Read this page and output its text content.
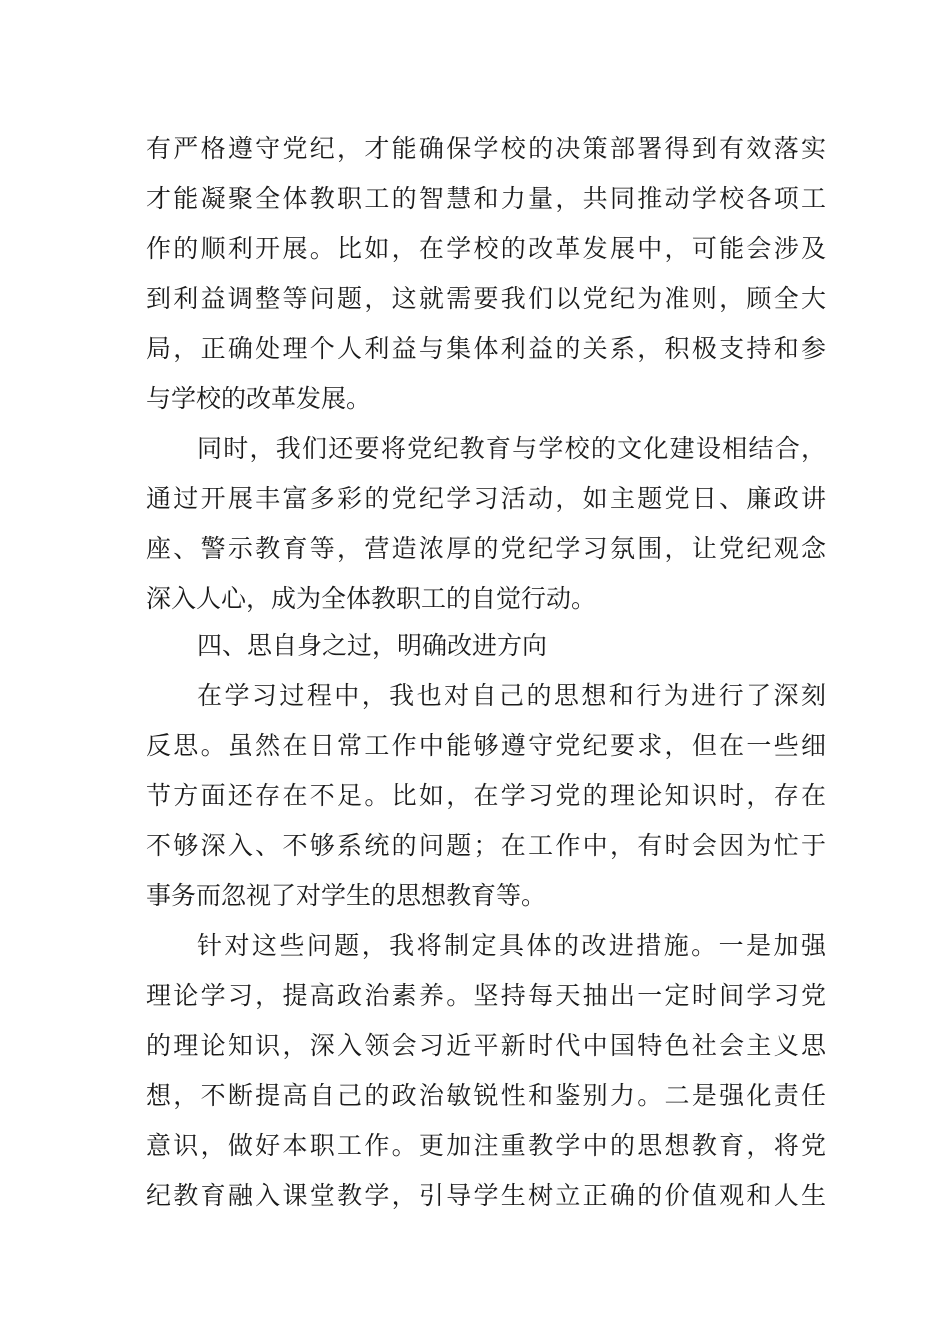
有严格遵守党纪，才能确保学校的决策部署得到有效落实
才能凝聚全体教职工的智慧和力量，共同推动学校各项工
作的顺利开展。比如，在学校的改革发展中，可能会涉及
到利益调整等问题，这就需要我们以党纪为准则，顾全大
局，正确处理个人利益与集体利益的关系，积极支持和参
与学校的改革发展。
同时，我们还要将党纪教育与学校的文化建设相结合，
通过开展丰富多彩的党纪学习活动，如主题党日、廉政讲
座、警示教育等，营造浓厚的党纪学习氛围，让党纪观念
深入人心，成为全体教职工的自觉行动。
四、思自身之过，明确改进方向
在学习过程中，我也对自己的思想和行为进行了深刻
反思。虽然在日常工作中能够遵守党纪要求，但在一些细
节方面还存在不足。比如，在学习党的理论知识时，存在
不够深入、不够系统的问题；在工作中，有时会因为忙于
事务而忽视了对学生的思想教育等。
针对这些问题，我将制定具体的改进措施。一是加强
理论学习，提高政治素养。坚持每天抽出一定时间学习党
的理论知识，深入领会习近平新时代中国特色社会主义思
想，不断提高自己的政治敏锐性和鉴别力。二是强化责任
意识，做好本职工作。更加注重教学中的思想教育，将党
纪教育融入课堂教学，引导学生树立正确的价值观和人生
